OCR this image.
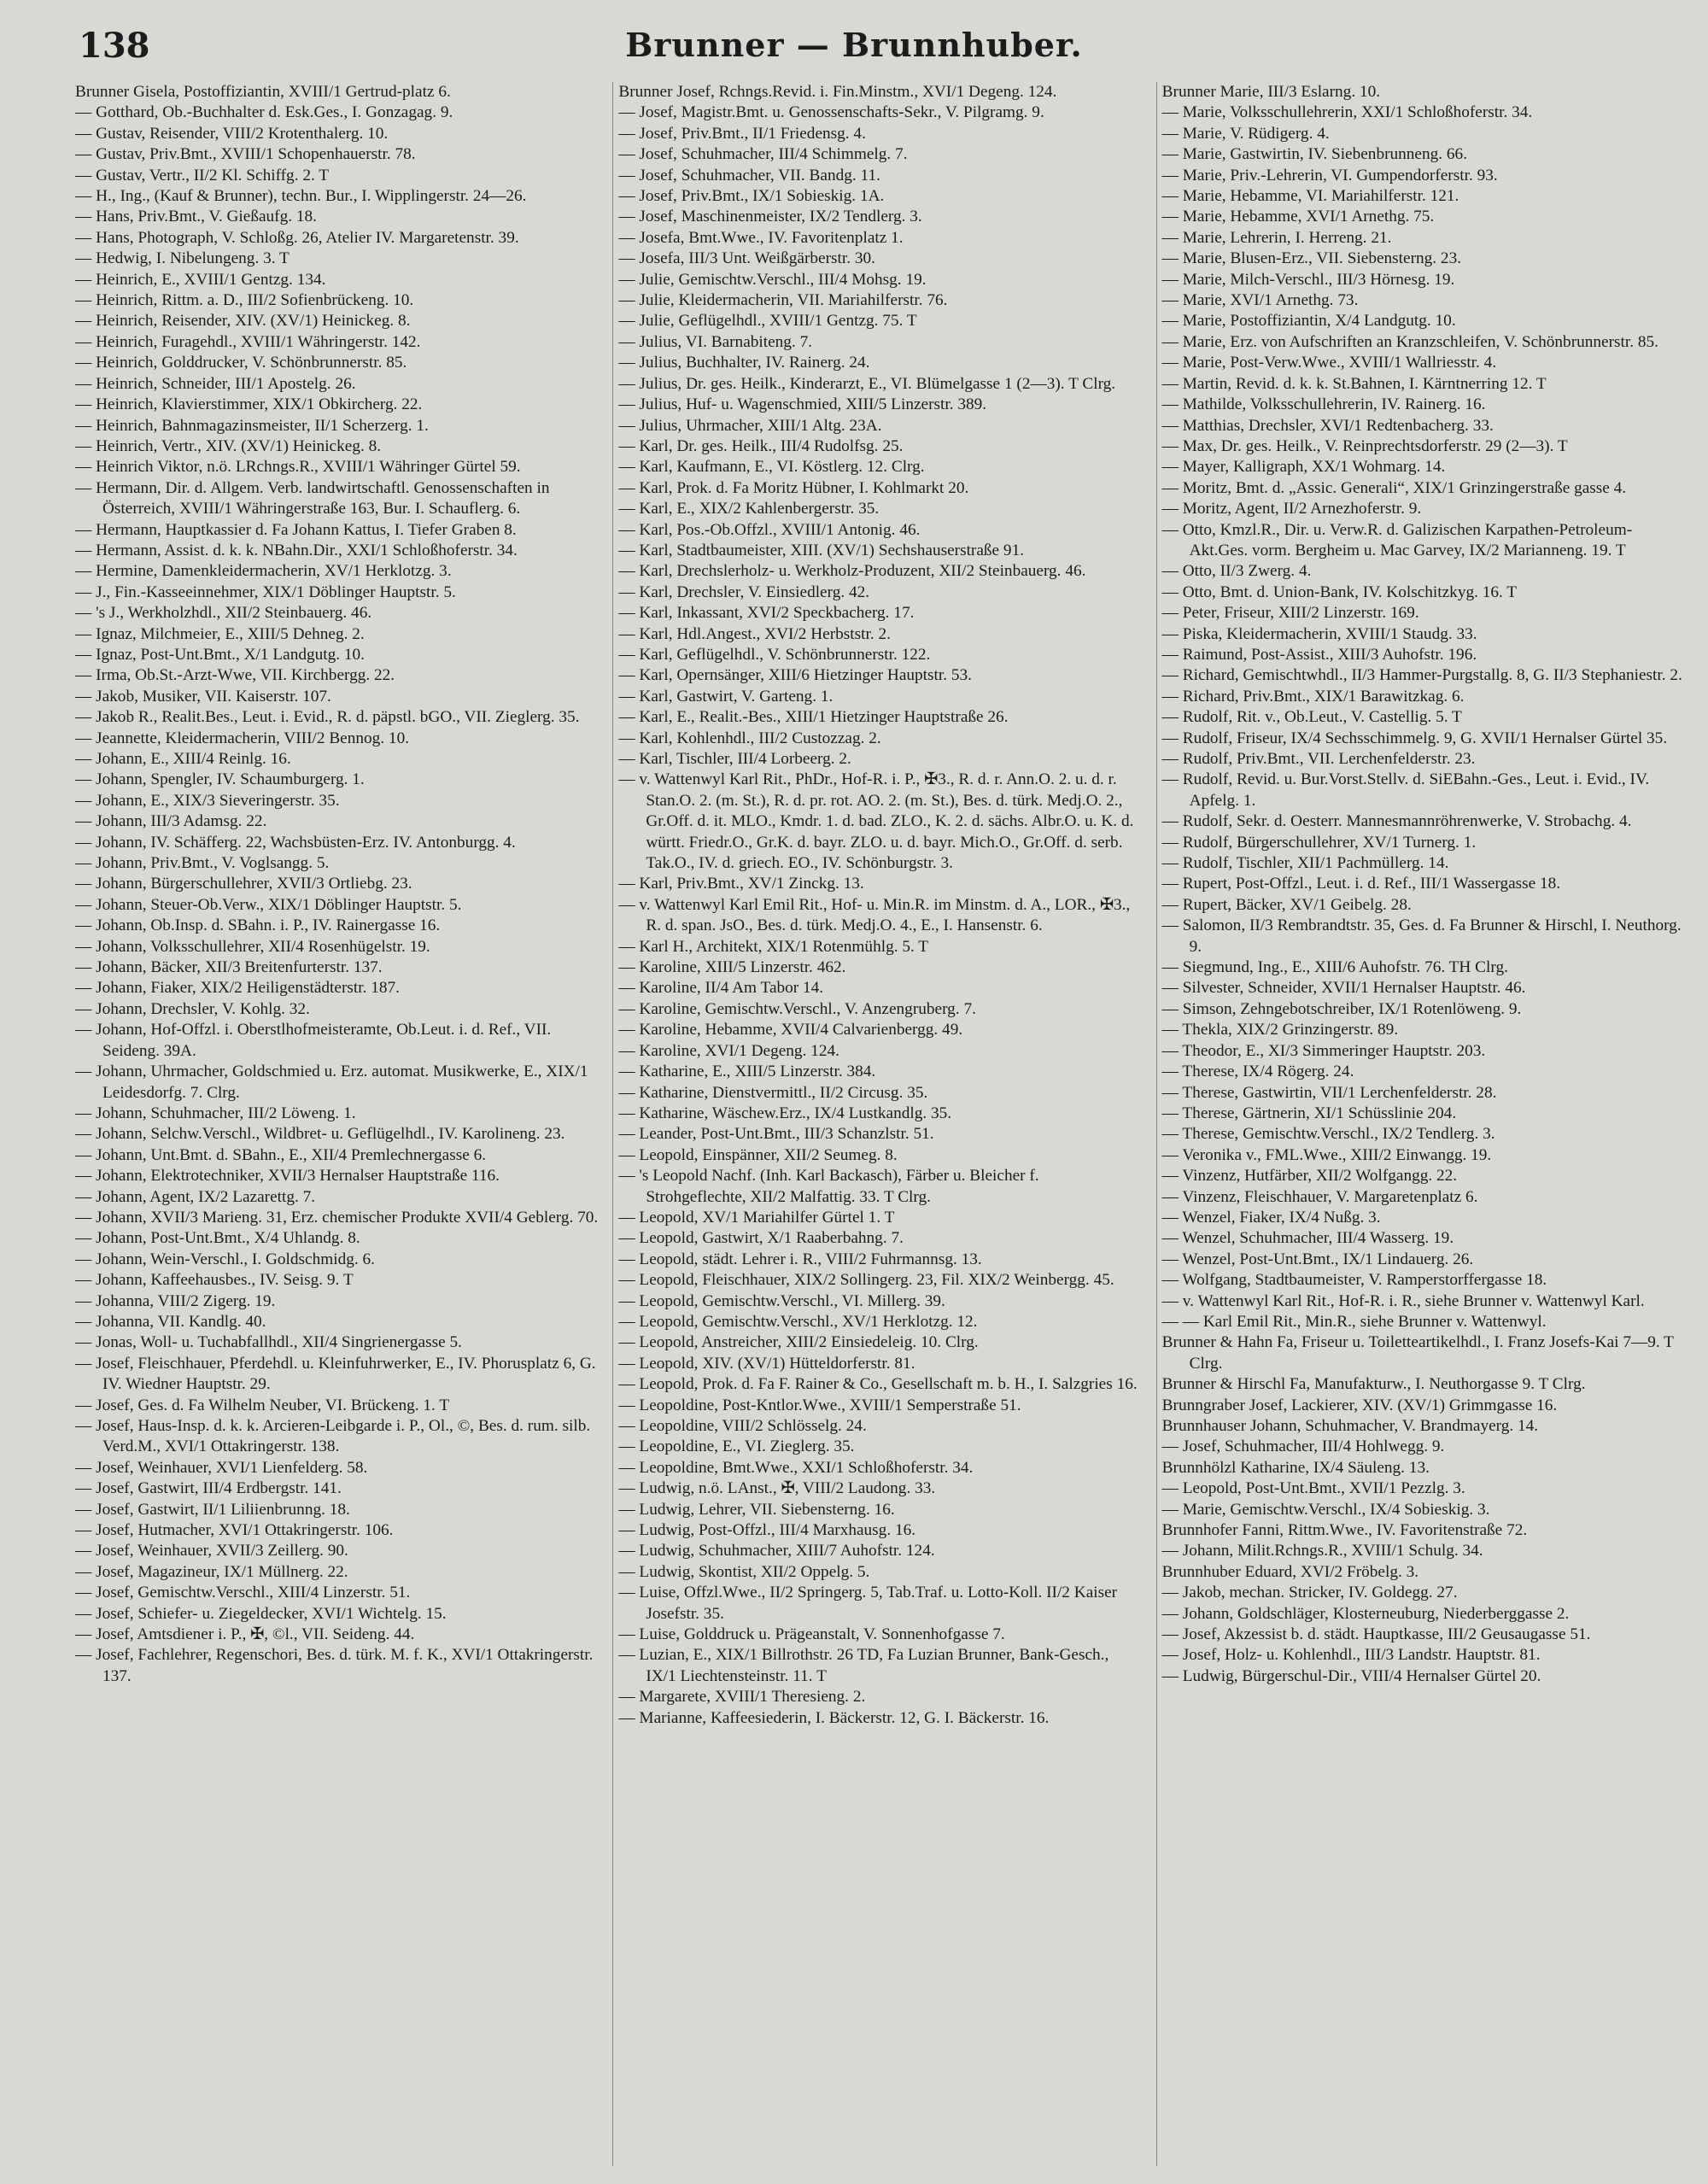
138	Brunner — Brunnhuber.
Brunner Gisela, Postoffiziantin, XVIII/1 Gertrud-platz 6.
— Gotthard, Ob.-Buchhalter d. Esk.Ges., I. Gonzagag. 9.
— Gustav, Reisender, VIII/2 Krotenthalerg. 10.
— Gustav, Priv.Bmt., XVIII/1 Schopenhauerstr. 78.
— Gustav, Vertr., II/2 Kl. Schiffg. 2. T
— H., Ing., (Kauf & Brunner), techn. Bur., I. Wipplingerstr. 24—26.
— Hans, Priv.Bmt., V. Gießaufg. 18.
— Hans, Photograph, V. Schloßg. 26, Atelier IV. Margaretenstr. 39.
— Hedwig, I. Nibelungeng. 3. T
— Heinrich, E., XVIII/1 Gentzg. 134.
— Heinrich, Rittm. a. D., III/2 Sofienbrückeng. 10.
— Heinrich, Reisender, XIV. (XV/1) Heinickeg. 8.
— Heinrich, Furagehdl., XVIII/1 Währingerstr. 142.
— Heinrich, Golddrucker, V. Schönbrunnerstr. 85.
— Heinrich, Schneider, III/1 Apostelg. 26.
— Heinrich, Klavierstimmer, XIX/1 Obkircherg. 22.
— Heinrich, Bahnmagazinsmeister, II/1 Scherzerg. 1.
— Heinrich, Vertr., XIV. (XV/1) Heinickeg. 8.
— Heinrich Viktor, n.ö. LRchngs.R., XVIII/1 Währinger Gürtel 59.
— Hermann, Dir. d. Allgem. Verb. landwirtschaftl. Genossenschaften in Österreich, XVIII/1 Währingerstraße 163, Bur. I. Schauflerg. 6.
— Hermann, Hauptkassier d. Fa Johann Kattus, I. Tiefer Graben 8.
— Hermann, Assist. d. k. k. NBahn.Dir., XXI/1 Schloßhoferstr. 34.
— Hermine, Damenkleidermacherin, XV/1 Herklotzg. 3.
— J., Fin.-Kasseeinnehmer, XIX/1 Döblinger Hauptstr. 5.
— 's J., Werkholzhdl., XII/2 Steinbauerg. 46.
— Ignaz, Milchmeier, E., XIII/5 Dehneg. 2.
— Ignaz, Post-Unt.Bmt., X/1 Landgutg. 10.
— Irma, Ob.St.-Arzt-Wwe, VII. Kirchbergg. 22.
— Jakob, Musiker, VII. Kaiserstr. 107.
— Jakob R., Realit.Bes., Leut. i. Evid., R. d. päpstl. bGO., VII. Zieglerg. 35.
— Jeannette, Kleidermacherin, VIII/2 Bennog. 10.
— Johann, E., XIII/4 Reinlg. 16.
— Johann, Spengler, IV. Schaumburgerg. 1.
— Johann, E., XIX/3 Sieveringerstr. 35.
— Johann, III/3 Adamsg. 22.
— Johann, IV. Schäfferg. 22, Wachsbüsten-Erz. IV. Antonburgg. 4.
— Johann, Priv.Bmt., V. Voglsangg. 5.
— Johann, Bürgerschullehrer, XVII/3 Ortliebg. 23.
— Johann, Steuer-Ob.Verw., XIX/1 Döblinger Hauptstr. 5.
— Johann, Ob.Insp. d. SBahn. i. P., IV. Rainergasse 16.
— Johann, Volksschullehrer, XII/4 Rosenhügelstr. 19.
— Johann, Bäcker, XII/3 Breitenfurterstr. 137.
— Johann, Fiaker, XIX/2 Heiligenstädterstr. 187.
— Johann, Drechsler, V. Kohlg. 32.
— Johann, Hof-Offzl. i. Oberstlhofmeisteramte, Ob.Leut. i. d. Ref., VII. Seideng. 39A.
— Johann, Uhrmacher, Goldschmied u. Erz. automat. Musikwerke, E., XIX/1 Leidesdorfg. 7. Clrg.
— Johann, Schuhmacher, III/2 Löweng. 1.
— Johann, Selchw.Verschl., Wildbret- u. Geflügelhdl., IV. Karolineng. 23.
— Johann, Unt.Bmt. d. SBahn., E., XII/4 Premlechnergasse 6.
— Johann, Elektrotechniker, XVII/3 Hernalser Hauptstraße 116.
— Johann, Agent, IX/2 Lazarettg. 7.
— Johann, XVII/3 Marieng. 31, Erz. chemischer Produkte XVII/4 Geblerg. 70.
— Johann, Post-Unt.Bmt., X/4 Uhlandg. 8.
— Johann, Wein-Verschl., I. Goldschmidg. 6.
— Johann, Kaffeehausbes., IV. Seisg. 9. T
— Johanna, VIII/2 Zigerg. 19.
— Johanna, VII. Kandlg. 40.
— Jonas, Woll- u. Tuchabfallhdl., XII/4 Singrienergasse 5.
— Josef, Fleischhauer, Pferdehdl. u. Kleinfuhrwerker, E., IV. Phorusplatz 6, G. IV. Wiedner Hauptstr. 29.
— Josef, Ges. d. Fa Wilhelm Neuber, VI. Brückeng. 1. T
— Josef, Haus-Insp. d. k. k. Arcieren-Leibgarde i. P., Ol., ©, Bes. d. rum. silb. Verd.M., XVI/1 Ottakringerstr. 138.
— Josef, Weinhauer, XVI/1 Lienfelderg. 58.
— Josef, Gastwirt, III/4 Erdbergstr. 141.
— Josef, Gastwirt, II/1 Liliienbrunng. 18.
— Josef, Hutmacher, XVI/1 Ottakringerstr. 106.
— Josef, Weinhauer, XVII/3 Zeillerg. 90.
— Josef, Magazineur, IX/1 Müllnerg. 22.
— Josef, Gemischtw.Verschl., XIII/4 Linzerstr. 51.
— Josef, Schiefer- u. Ziegeldecker, XVI/1 Wichtelg. 15.
— Josef, Amtsdiener i. P., ✠, ©l., VII. Seideng. 44.
— Josef, Fachlehrer, Regenschori, Bes. d. türk. M. f. K., XVI/1 Ottakringerstr. 137.
Brunner Josef, Rchngs.Revid. i. Fin.Minstm., XVI/1 Degeng. 124.
— Josef, Magistr.Bmt. u. Genossenschafts-Sekr., V. Pilgramg. 9.
— Josef, Priv.Bmt., II/1 Friedensg. 4.
— Josef, Schuhmacher, III/4 Schimmelg. 7.
— Josef, Schuhmacher, VII. Bandg. 11.
— Josef, Priv.Bmt., IX/1 Sobieskig. 1A.
— Josef, Maschinenmeister, IX/2 Tendlerg. 3.
— Josefa, Bmt.Wwe., IV. Favoritenplatz 1.
— Josefa, III/3 Unt. Weißgärberstr. 30.
— Julie, Gemischtw.Verschl., III/4 Mohsg. 19.
— Julie, Kleidermacherin, VII. Mariahilferstr. 76.
— Julie, Geflügelhdl., XVIII/1 Gentzg. 75. T
— Julius, VI. Barnabiteng. 7.
— Julius, Buchhalter, IV. Rainerg. 24.
— Julius, Dr. ges. Heilk., Kinderarzt, E., VI. Blümelgasse 1 (2—3). T Clrg.
— Julius, Huf- u. Wagenschmied, XIII/5 Linzerstr. 389.
— Julius, Uhrmacher, XIII/1 Altg. 23A.
— Karl, Dr. ges. Heilk., III/4 Rudolfsg. 25.
— Karl, Kaufmann, E., VI. Köstlerg. 12. Clrg.
— Karl, Prok. d. Fa Moritz Hübner, I. Kohlmarkt 20.
— Karl, E., XIX/2 Kahlenbergerstr. 35.
— Karl, Pos.-Ob.Offzl., XVIII/1 Antonig. 46.
— Karl, Stadtbaumeister, XIII. (XV/1) Sechshauserstraße 91.
— Karl, Drechslerholz- u. Werkholz-Produzent, XII/2 Steinbauerg. 46.
— Karl, Drechsler, V. Einsiedlerg. 42.
— Karl, Inkassant, XVI/2 Speckbacherg. 17.
— Karl, Hdl.Angest., XVI/2 Herbststr. 2.
— Karl, Geflügelhdl., V. Schönbrunnerstr. 122.
— Karl, Opernsänger, XIII/6 Hietzinger Hauptstr. 53.
— Karl, Gastwirt, V. Garteng. 1.
— Karl, E., Realit.-Bes., XIII/1 Hietzinger Hauptstraße 26.
— Karl, Kohlenhdl., III/2 Custozzag. 2.
— Karl, Tischler, III/4 Lorbeerg. 2.
— v. Wattenwyl Karl Rit., PhDr., Hof-R. i. P., ✠3., R. d. r. Ann.O. 2. u. d. r. Stan.O. 2. (m. St.), R. d. pr. rot. AO. 2. (m. St.), Bes. d. türk. Medj.O. 2., Gr.Off. d. it. MLO., Kmdr. 1. d. bad. ZLO., K. 2. d. sächs. Albr.O. u. K. d. württ. Friedr.O., Gr.K. d. bayr. ZLO. u. d. bayr. Mich.O., Gr.Off. d. serb. Tak.O., IV. d. griech. EO., IV. Schönburgstr. 3.
— Karl, Priv.Bmt., XV/1 Zinckg. 13.
— v. Wattenwyl Karl Emil Rit., Hof- u. Min.R. im Minstm. d. A., LOR., ✠3., R. d. span. JsO., Bes. d. türk. Medj.O. 4., E., I. Hansenstr. 6.
— Karl H., Architekt, XIX/1 Rotenmühlg. 5. T
— Karoline, XIII/5 Linzerstr. 462.
— Karoline, II/4 Am Tabor 14.
— Karoline, Gemischtw.Verschl., V. Anzengruberg. 7.
— Karoline, Hebamme, XVII/4 Calvarienbergg. 49.
— Karoline, XVI/1 Degeng. 124.
— Katharine, E., XIII/5 Linzerstr. 384.
— Katharine, Dienstvermittl., II/2 Circusg. 35.
— Katharine, Wäschew.Erz., IX/4 Lustkandlg. 35.
— Leander, Post-Unt.Bmt., III/3 Schanzlstr. 51.
— Leopold, Einspänner, XII/2 Seumeg. 8.
— 's Leopold Nachf. (Inh. Karl Backasch), Färber u. Bleicher f. Strohgeflechte, XII/2 Malfattig. 33. T Clrg.
— Leopold, XV/1 Mariahilfer Gürtel 1. T
— Leopold, Gastwirt, X/1 Raaberbahng. 7.
— Leopold, städt. Lehrer i. R., VIII/2 Fuhrmannsg. 13.
— Leopold, Fleischhauer, XIX/2 Sollingerg. 23, Fil. XIX/2 Weinbergg. 45.
— Leopold, Gemischtw.Verschl., VI. Millerg. 39.
— Leopold, Gemischtw.Verschl., XV/1 Herklotzg. 12.
— Leopold, Anstreicher, XIII/2 Einsiedeleig. 10. Clrg.
— Leopold, XIV. (XV/1) Hütteldorferstr. 81.
— Leopold, Prok. d. Fa F. Rainer & Co., Gesellschaft m. b. H., I. Salzgries 16.
— Leopoldine, Post-Kntlor.Wwe., XVIII/1 Semperstraße 51.
— Leopoldine, VIII/2 Schlösselg. 24.
— Leopoldine, E., VI. Zieglerg. 35.
— Leopoldine, Bmt.Wwe., XXI/1 Schloßhoferstr. 34.
— Ludwig, n.ö. LAnst., ✠, VIII/2 Laudong. 33.
— Ludwig, Lehrer, VII. Siebensterng. 16.
— Ludwig, Post-Offzl., III/4 Marxhausg. 16.
— Ludwig, Schuhmacher, XIII/7 Auhofstr. 124.
— Ludwig, Skontist, XII/2 Oppelg. 5.
— Luise, Offzl.Wwe., II/2 Springerg. 5, Tab.Traf. u. Lotto-Koll. II/2 Kaiser Josefstr. 35.
— Luise, Golddruck u. Prägeanstalt, V. Sonnenhofgasse 7.
— Luzian, E., XIX/1 Billrothstr. 26 TD, Fa Luzian Brunner, Bank-Gesch., IX/1 Liechtensteinstr. 11. T
— Margarete, XVIII/1 Theresieng. 2.
— Marianne, Kaffeesiederin, I. Bäckerstr. 12, G. I. Bäckerstr. 16.
Brunner Marie, III/3 Eslarng. 10.
— Marie, Volksschullehrerin, XXI/1 Schloßhoferstr. 34.
— Marie, V. Rüdigerg. 4.
— Marie, Gastwirtin, IV. Siebenbrunneng. 66.
— Marie, Priv.-Lehrerin, VI. Gumpendorferstr. 93.
— Marie, Hebamme, VI. Mariahilferstr. 121.
— Marie, Hebamme, XVI/1 Arnethg. 75.
— Marie, Lehrerin, I. Herreng. 21.
— Marie, Blusen-Erz., VII. Siebensterng. 23.
— Marie, Milch-Verschl., III/3 Hörnesg. 19.
— Marie, XVI/1 Arnethg. 73.
— Marie, Postoffiziantin, X/4 Landgutg. 10.
— Marie, Erz. von Aufschriften an Kranzschleifen, V. Schönbrunnerstr. 85.
— Marie, Post-Verw.Wwe., XVIII/1 Wallriesstr. 4.
— Martin, Revid. d. k. k. St.Bahnen, I. Kärntnerring 12. T
— Mathilde, Volksschullehrerin, IV. Rainerg. 16.
— Matthias, Drechsler, XVI/1 Redtenbacherg. 33.
— Max, Dr. ges. Heilk., V. Reinprechtsdorferstr. 29 (2—3). T
— Mayer, Kalligraph, XX/1 Wohmarg. 14.
— Moritz, Bmt. d. „Assic. Generali“, XIX/1 Grinzingerstraße gasse 4.
— Moritz, Agent, II/2 Arnezhoferstr. 9.
— Otto, Kmzl.R., Dir. u. Verw.R. d. Galizischen Karpathen-Petroleum-Akt.Ges. vorm. Bergheim u. Mac Garvey, IX/2 Marianneng. 19. T
— Otto, II/3 Zwerg. 4.
— Otto, Bmt. d. Union-Bank, IV. Kolschitzkyg. 16. T
— Peter, Friseur, XIII/2 Linzerstr. 169.
— Piska, Kleidermacherin, XVIII/1 Staudg. 33.
— Raimund, Post-Assist., XIII/3 Auhofstr. 196.
— Richard, Gemischtwhdl., II/3 Hammer-Purgstallg. 8, G. II/3 Stephaniestr. 2.
— Richard, Priv.Bmt., XIX/1 Barawitzkag. 6.
— Rudolf, Rit. v., Ob.Leut., V. Castellig. 5. T
— Rudolf, Friseur, IX/4 Sechsschimmelg. 9, G. XVII/1 Hernalser Gürtel 35.
— Rudolf, Priv.Bmt., VII. Lerchenfelderstr. 23.
— Rudolf, Revid. u. Bur.Vorst.Stellv. d. SiEBahn.-Ges., Leut. i. Evid., IV. Apfelg. 1.
— Rudolf, Sekr. d. Oesterr. Mannesmannröhrenwerke, V. Strobachg. 4.
— Rudolf, Bürgerschullehrer, XV/1 Turnerg. 1.
— Rudolf, Tischler, XII/1 Pachmüllerg. 14.
— Rupert, Post-Offzl., Leut. i. d. Ref., III/1 Wassergasse 18.
— Rupert, Bäcker, XV/1 Geibelg. 28.
— Salomon, II/3 Rembrandtstr. 35, Ges. d. Fa Brunner & Hirschl, I. Neuthorg. 9.
— Siegmund, Ing., E., XIII/6 Auhofstr. 76. TH Clrg.
— Silvester, Schneider, XVII/1 Hernalser Hauptstr. 46.
— Simson, Zehngebotschreiber, IX/1 Rotenlöweng. 9.
— Thekla, XIX/2 Grinzingerstr. 89.
— Theodor, E., XI/3 Simmeringer Hauptstr. 203.
— Therese, IX/4 Rögerg. 24.
— Therese, Gastwirtin, VII/1 Lerchenfelderstr. 28.
— Therese, Gärtnerin, XI/1 Schüsslinie 204.
— Therese, Gemischtw.Verschl., IX/2 Tendlerg. 3.
— Veronika v., FML.Wwe., XIII/2 Einwangg. 19.
— Vinzenz, Hutfärber, XII/2 Wolfgangg. 22.
— Vinzenz, Fleischhauer, V. Margaretenplatz 6.
— Wenzel, Fiaker, IX/4 Nußg. 3.
— Wenzel, Schuhmacher, III/4 Wasserg. 19.
— Wenzel, Post-Unt.Bmt., IX/1 Lindauerg. 26.
— Wolfgang, Stadtbaumeister, V. Ramperstorffergasse 18.
— v. Wattenwyl Karl Rit., Hof-R. i. R., siehe Brunner v. Wattenwyl Karl.
— — Karl Emil Rit., Min.R., siehe Brunner v. Wattenwyl.
Brunner & Hahn Fa, Friseur u. Toiletteartikelhdl., I. Franz Josefs-Kai 7—9. T Clrg.
Brunner & Hirschl Fa, Manufakturw., I. Neuthorgasse 9. T Clrg.
Brunngraber Josef, Lackierer, XIV. (XV/1) Grimmgasse 16.
Brunnhauser Johann, Schuhmacher, V. Brandmayerg. 14.
— Josef, Schuhmacher, III/4 Hohlwegg. 9.
Brunnhölzl Katharine, IX/4 Säuleng. 13.
— Leopold, Post-Unt.Bmt., XVII/1 Pezzlg. 3.
— Marie, Gemischtw.Verschl., IX/4 Sobieskig. 3.
Brunnhofer Fanni, Rittm.Wwe., IV. Favoritenstraße 72.
— Johann, Milit.Rchngs.R., XVIII/1 Schulg. 34.
Brunnhuber Eduard, XVI/2 Fröbelg. 3.
— Jakob, mechan. Stricker, IV. Goldegg. 27.
— Johann, Goldschläger, Klosterneuburg, Niederberggasse 2.
— Josef, Akzessist b. d. städt. Hauptkasse, III/2 Geusaugasse 51.
— Josef, Holz- u. Kohlenhdl., III/3 Landstr. Hauptstr. 81.
— Ludwig, Bürgerschul-Dir., VIII/4 Hernalser Gürtel 20.
